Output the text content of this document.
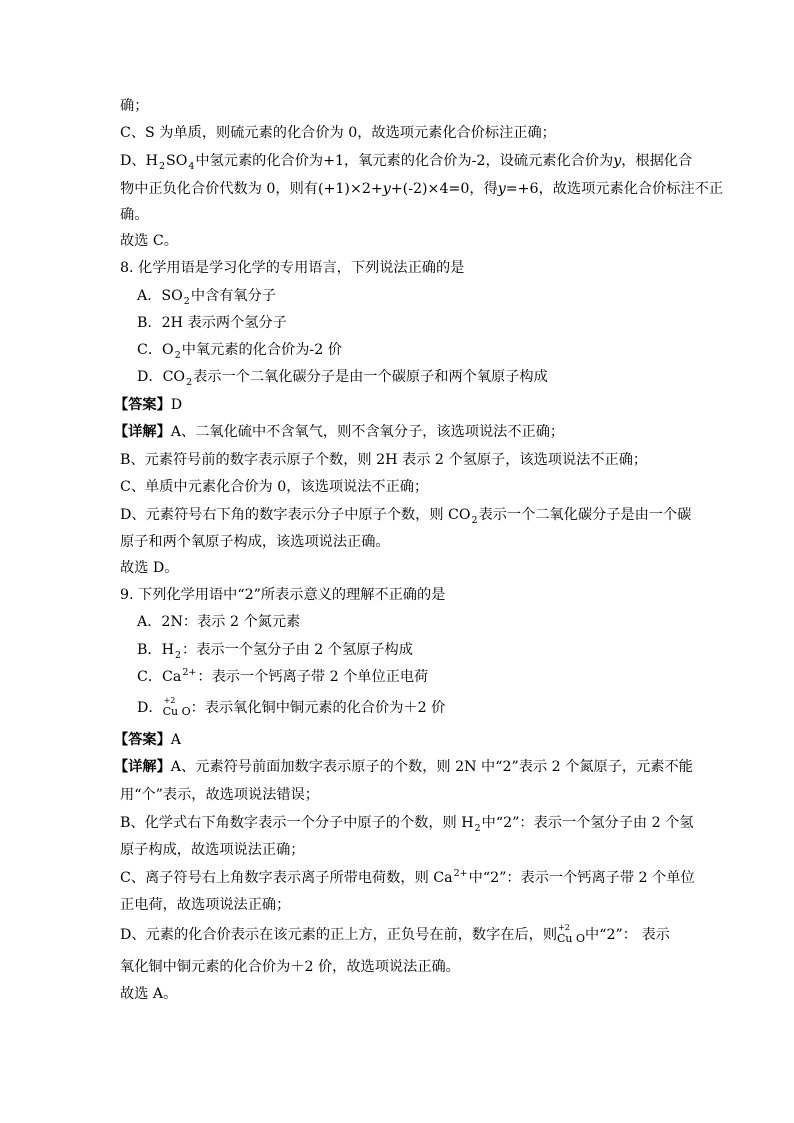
确；
C、S 为单质，则硫元素的化合价为 0，故选项元素化合价标注正确；
D、$H_2SO_4$中氢元素的化合价为+1，氧元素的化合价为-2，设硫元素化合价为y，根据化合
物中正负化合价代数为 0，则有(+1)×2+y+(-2)×4=0，得y=+6，故选项元素化合价标注不正
确。
故选 C。
8. 化学用语是学习化学的专用语言，下列说法正确的是
A．$SO_2$中含有氧分子
B．2H 表示两个氢分子
C．$O_2$中氧元素的化合价为-2 价
D．$CO_2$表示一个二氧化碳分子是由一个碳原子和两个氧原子构成
【答案】D
【详解】A、二氧化硫中不含氧气，则不含氧分子，该选项说法不正确；
B、元素符号前的数字表示原子个数，则 2H 表示 2 个氢原子，该选项说法不正确；
C、单质中元素化合价为 0，该选项说法不正确；
D、元素符号右下角的数字表示分子中原子个数，则 $CO_2$表示一个二氧化碳分子是由一个碳
原子和两个氧原子构成，该选项说法正确。
故选 D。
9. 下列化学用语中“2”所表示意义的理解不正确的是
A．2N：表示 2 个氮元素
B．$H_2$：表示一个氢分子由 2 个氢原子构成
C．$Ca^{2+}$：表示一个钙离子带 2 个单位正电荷
D． +2
$_{Cu O}$：表示氧化铜中铜元素的化合价为＋2 价
【答案】A
【详解】A、元素符号前面加数字表示原子的个数，则 2N 中“2”表示 2 个氮原子，元素不能
用“个”表示，故选项说法错误；
B、化学式右下角数字表示一个分子中原子的个数，则 $H_2$中“2”：表示一个氢分子由 2 个氢
原子构成，故选项说法正确；
C、离子符号右上角数字表示离子所带电荷数，则 $Ca^{2+}$中“2”：表示一个钙离子带 2 个单位
正电荷，故选项说法正确；
D、元素的化合价表示在该元素的正上方，正负号在前，数字在后，则 +2
$_{Cu O}$中“2”： 表示
氧化铜中铜元素的化合价为＋2 价，故选项说法正确。
故选 A。
